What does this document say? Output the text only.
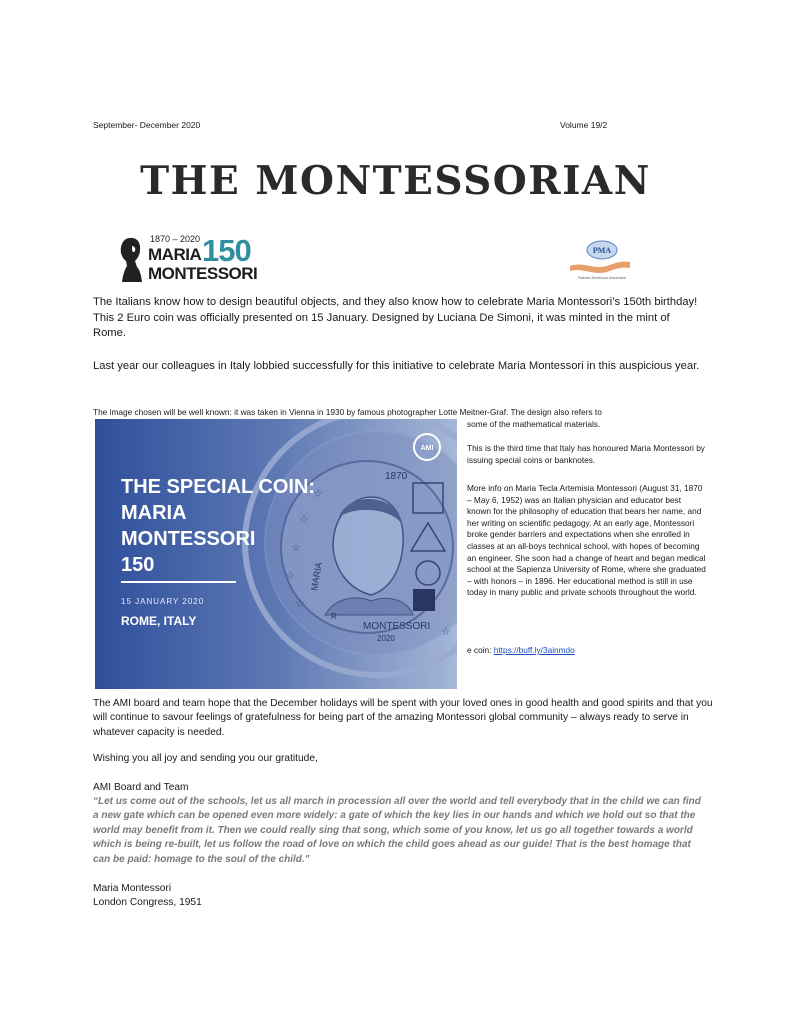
September- December 2020	Volume 19/2
THE MONTESSORIAN
1870 – 2020
MARIA 150
MONTESSORI
PMA
Pakistan Montessori Association

The Italians know how to design beautiful objects, and they also know how to celebrate Maria Montessori’s 150th birthday! This 2 Euro coin was officially presented on 15 January. Designed by Luciana De Simoni, it was minted in the mint of Rome.

Last year our colleagues in Italy lobbied successfully for this initiative to celebrate Maria Montessori in this auspicious year.

The image chosen will be well known: it was taken in Vienna in 1930 by famous photographer Lotte Meitner-Graf. The design also refers to
some of the mathematical materials.
1870
MONTESSORI
2020
MARIA
R
☆
☆
☆
☆
☆
☆
AMI
THE SPECIAL COIN:
MARIA
MONTESSORI
150
15 JANUARY 2020
ROME, ITALY

This is the third time that Italy has honoured Maria Montessori by issuing special coins or banknotes.

More info on Maria Tecla Artemisia Montessori (August 31, 1870 – May 6, 1952) was an Italian physician and educator best known for the philosophy of education that bears her name, and her writing on scientific pedagogy. At an early age, Montessori broke gender barriers and expectations when she enrolled in classes at an all-boys technical school, with hopes of becoming an engineer. She soon had a change of heart and began medical school at the Sapienza University of Rome, where she graduated – with honors – in 1896. Her educational method is still in use today in many public and private schools throughout the world.

e coin: https://buff.ly/3ainmdo

The AMI board and team hope that the December holidays will be spent with your loved ones in good health and good spirits and that you will continue to savour feelings of gratefulness for being part of the amazing Montessori global community – always ready to serve in whatever capacity is needed.

Wishing you all joy and sending you our gratitude,
AMI Board and Team

“Let us come out of the schools, let us all march in procession all over the world and tell everybody that in the child we can find a new gate which can be opened even more widely: a gate of which the key lies in our hands and which we hold out so that the world may benefit from it. Then we could really sing that song, which some of you know, let us go all together towards a world which is being re-built, let us follow the road of love on which the child goes ahead as our guide! That is the best homage that can be paid: homage to the soul of the child."

Maria Montessori
London Congress, 1951
